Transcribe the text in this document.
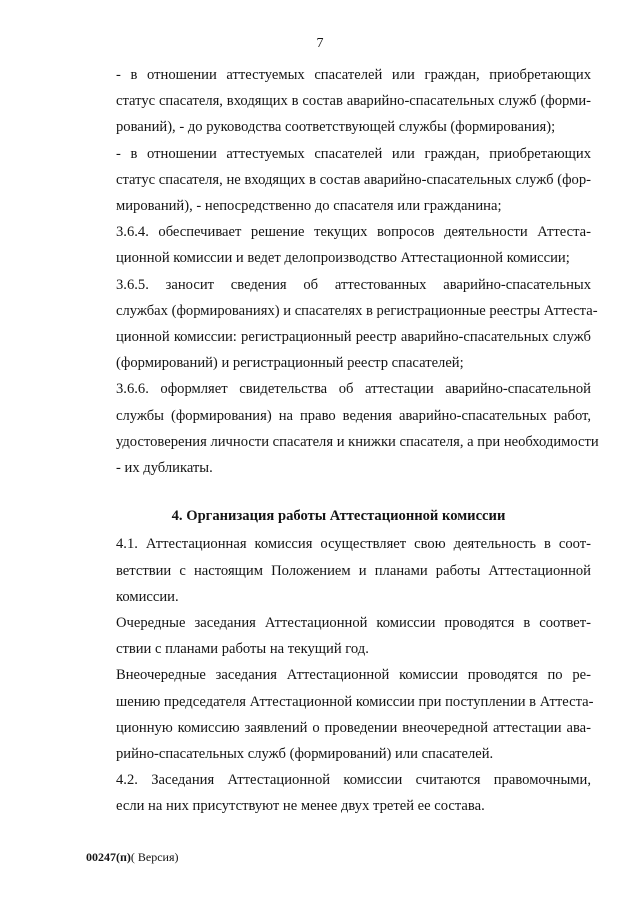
7

- в отношении аттестуемых спасателей или граждан, приобретающих
статус спасателя, входящих в состав аварийно-спасательных служб (форми-
рований), - до руководства соответствующей службы (формирования);

- в отношении аттестуемых спасателей или граждан, приобретающих
статус спасателя, не входящих в состав аварийно-спасательных служб (фор-
мирований), - непосредственно до спасателя или гражданина;

3.6.4. обеспечивает решение текущих вопросов деятельности Аттеста-
ционной комиссии и ведет делопроизводство Аттестационной комиссии;

3.6.5. заносит сведения об аттестованных аварийно-спасательных
службах (формированиях) и спасателях в регистрационные реестры Аттеста-
ционной комиссии: регистрационный реестр аварийно-спасательных служб
(формирований) и регистрационный реестр спасателей;

3.6.6. оформляет свидетельства об аттестации аварийно-спасательной
службы (формирования) на право ведения аварийно-спасательных работ,
удостоверения личности спасателя и книжки спасателя, а при необходимости
- их дубликаты.

4. Организация работы Аттестационной комиссии

4.1. Аттестационная комиссия осуществляет свою деятельность в соот-
ветствии с настоящим Положением и планами работы Аттестационной
комиссии.

Очередные заседания Аттестационной комиссии проводятся в соответ-
ствии с планами работы на текущий год.

Внеочередные заседания Аттестационной комиссии проводятся по ре-
шению председателя Аттестационной комиссии при поступлении в Аттеста-
ционную комиссию заявлений о проведении внеочередной аттестации ава-
рийно-спасательных служб (формирований) или спасателей.

4.2. Заседания Аттестационной комиссии считаются правомочными,
если на них присутствуют не менее двух третей ее состава.

00247(п)( Версия)
